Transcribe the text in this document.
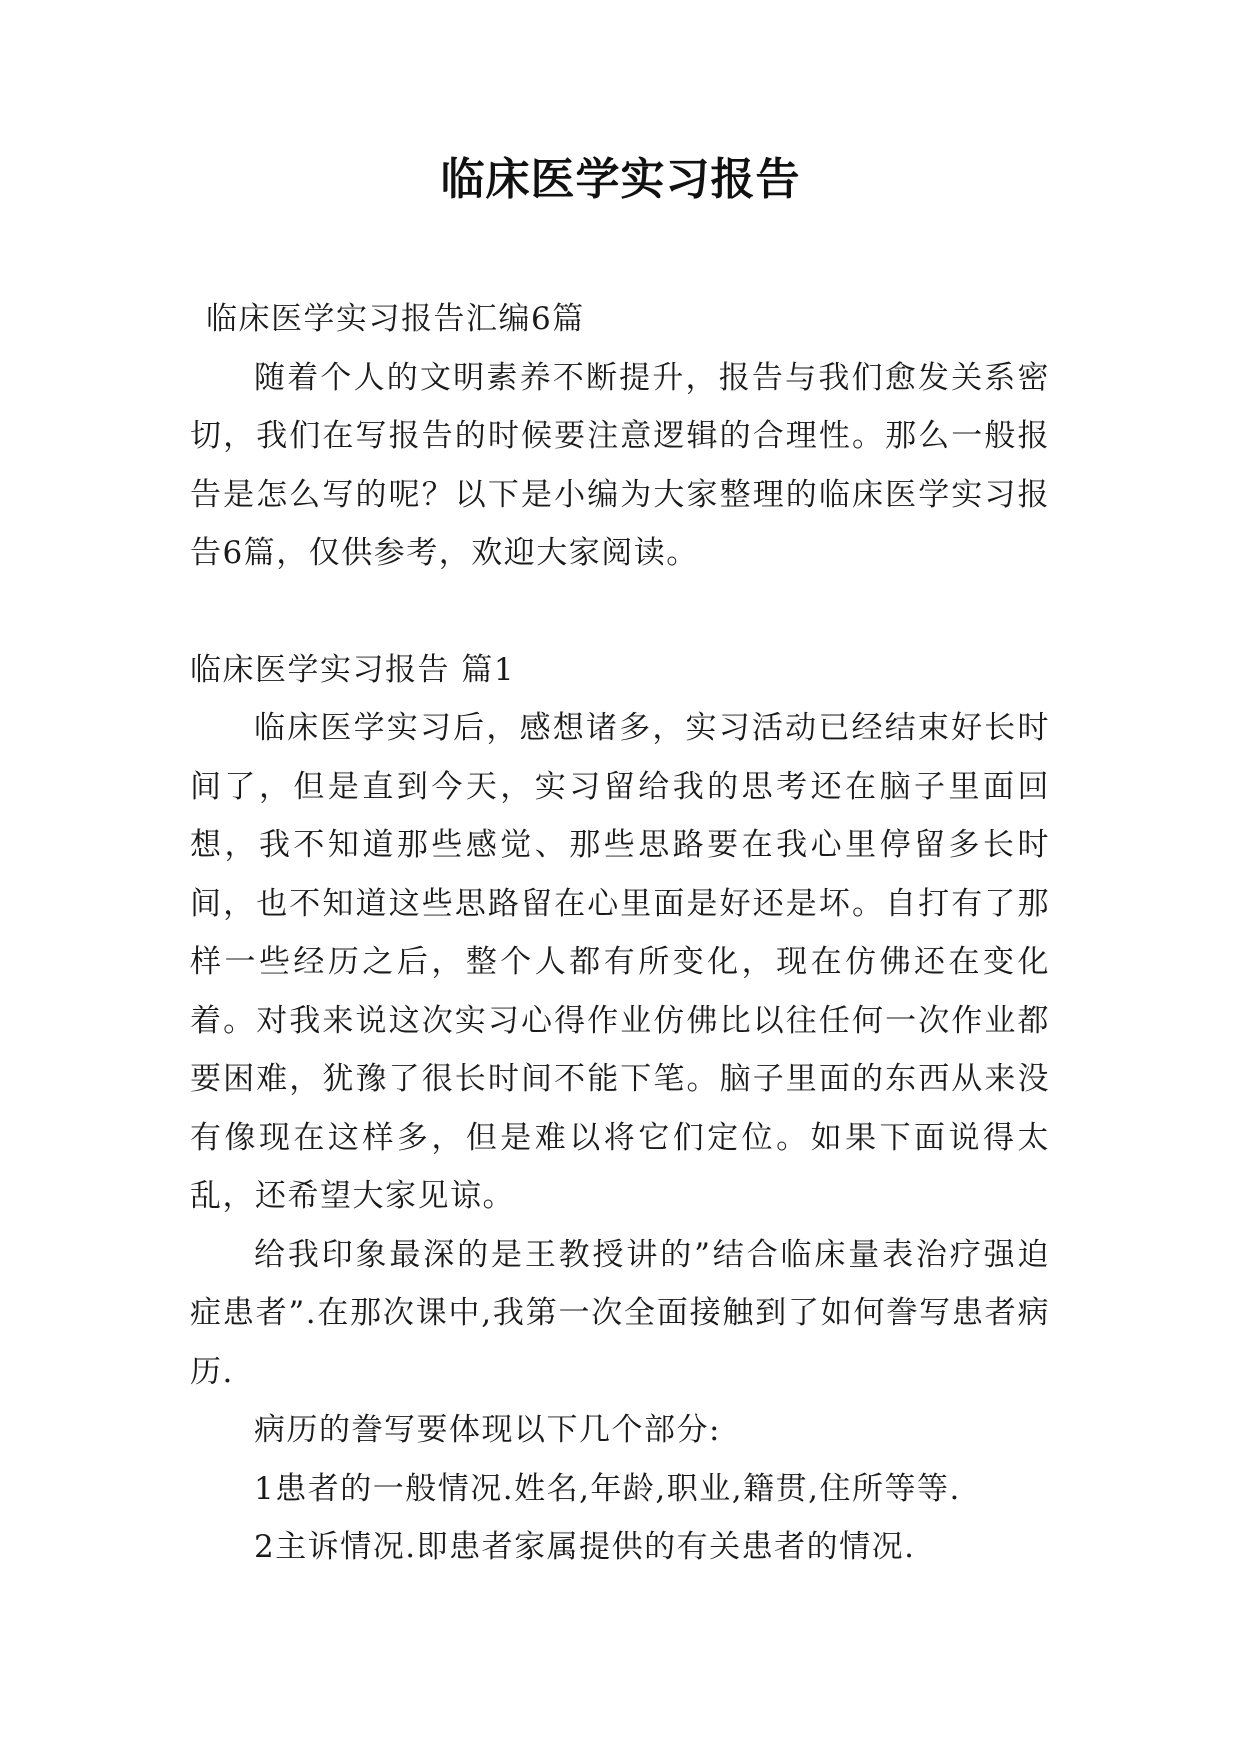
临床医学实习报告

临床医学实习报告汇编6篇

随着个人的文明素养不断提升，报告与我们愈发关系密切，我们在写报告的时候要注意逻辑的合理性。那么一般报告是怎么写的呢？以下是小编为大家整理的临床医学实习报告6篇，仅供参考，欢迎大家阅读。

临床医学实习报告 篇1

临床医学实习后，感想诸多，实习活动已经结束好长时间了，但是直到今天，实习留给我的思考还在脑子里面回想，我不知道那些感觉、那些思路要在我心里停留多长时间，也不知道这些思路留在心里面是好还是坏。自打有了那样一些经历之后，整个人都有所变化，现在仿佛还在变化着。对我来说这次实习心得作业仿佛比以往任何一次作业都要困难，犹豫了很长时间不能下笔。脑子里面的东西从来没有像现在这样多，但是难以将它们定位。如果下面说得太乱，还希望大家见谅。

给我印象最深的是王教授讲的”结合临床量表治疗强迫症患者”.在那次课中,我第一次全面接触到了如何誊写患者病历.

病历的誊写要体现以下几个部分:

1患者的一般情况.姓名,年龄,职业,籍贯,住所等等.

2主诉情况.即患者家属提供的有关患者的情况.
